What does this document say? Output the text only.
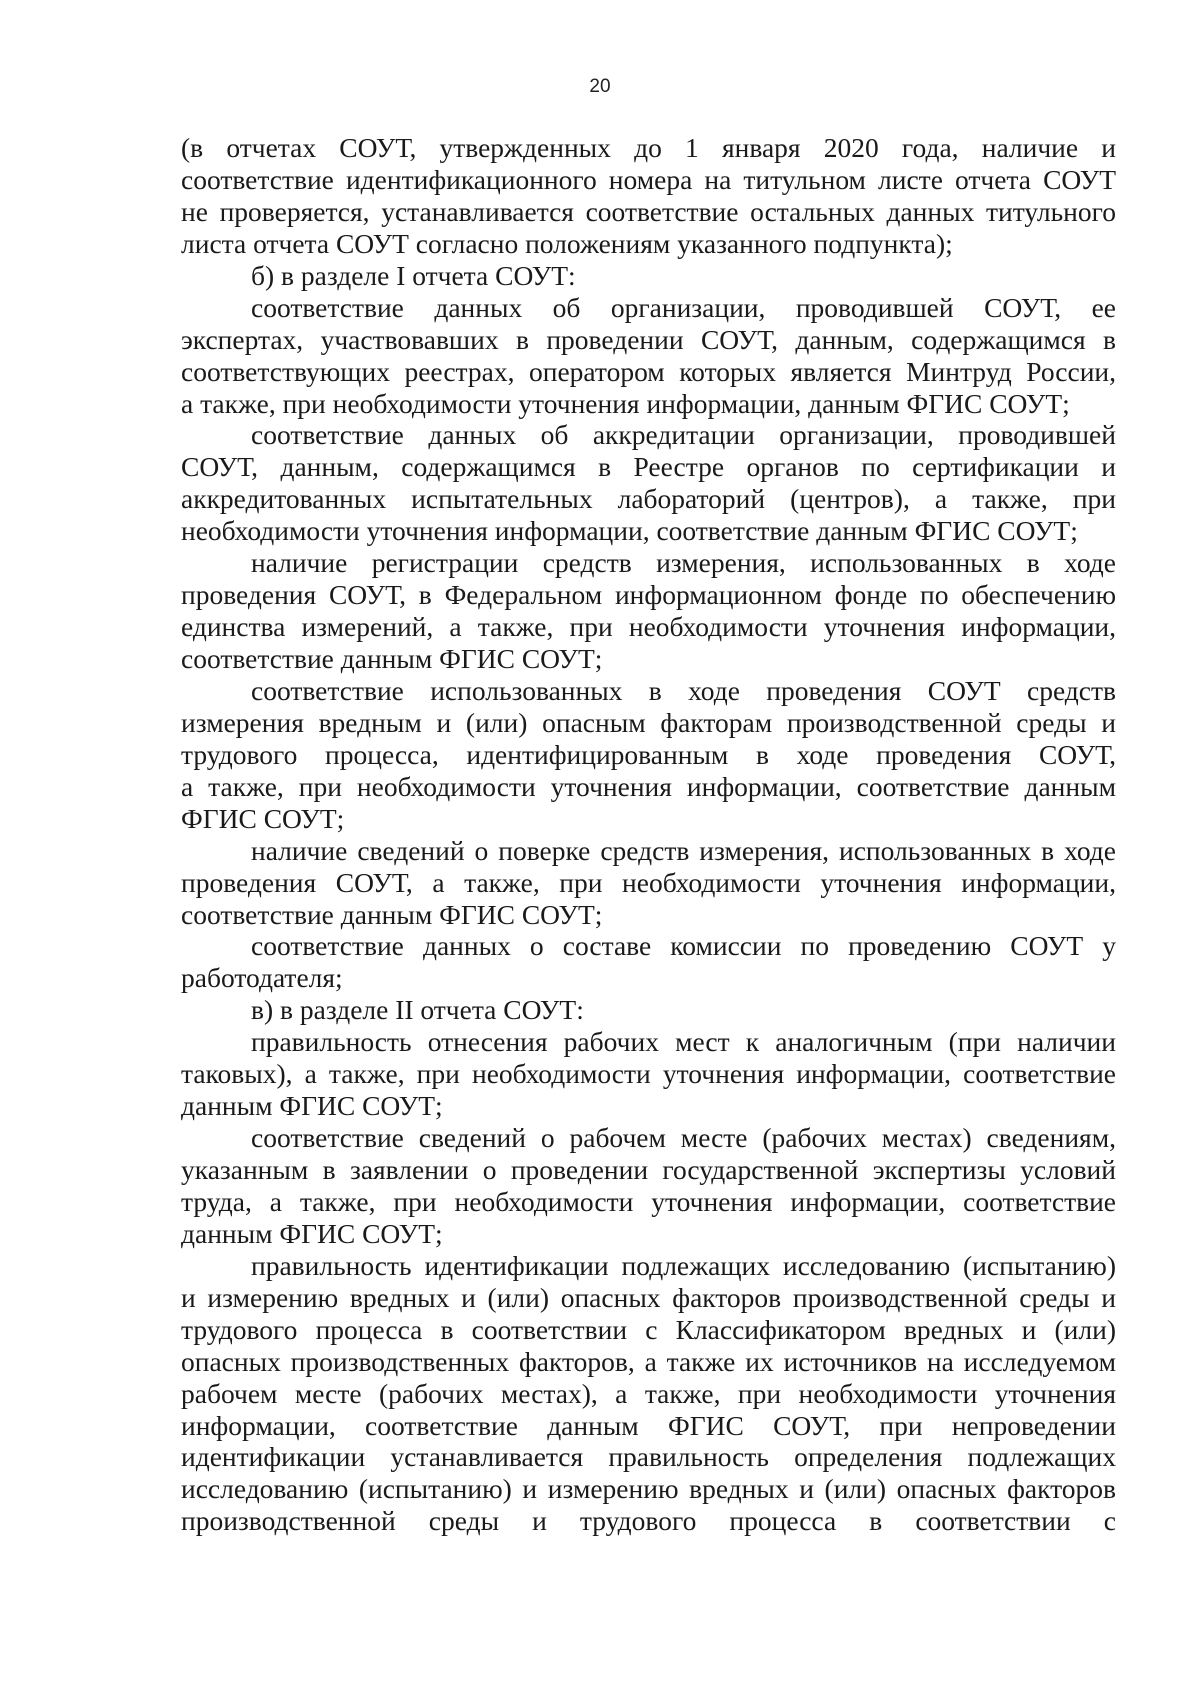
20
(в отчетах СОУТ, утвержденных до 1 января 2020 года, наличие и
соответствие идентификационного номера на титульном листе отчета СОУТ
не проверяется, устанавливается соответствие остальных данных титульного
листа отчета СОУТ согласно положениям указанного подпункта);
б) в разделе I отчета СОУТ:
соответствие данных об организации, проводившей СОУТ, ее
экспертах, участвовавших в проведении СОУТ, данным, содержащимся в
соответствующих реестрах, оператором которых является Минтруд России,
а также, при необходимости уточнения информации, данным ФГИС СОУТ;
соответствие данных об аккредитации организации, проводившей
СОУТ, данным, содержащимся в Реестре органов по сертификации и
аккредитованных испытательных лабораторий (центров), а также, при
необходимости уточнения информации, соответствие данным ФГИС СОУТ;
наличие регистрации средств измерения, использованных в ходе
проведения СОУТ, в Федеральном информационном фонде по обеспечению
единства измерений, а также, при необходимости уточнения информации,
соответствие данным ФГИС СОУТ;
соответствие использованных в ходе проведения СОУТ средств
измерения вредным и (или) опасным факторам производственной среды и
трудового процесса, идентифицированным в ходе проведения СОУТ,
а также, при необходимости уточнения информации, соответствие данным
ФГИС СОУТ;
наличие сведений о поверке средств измерения, использованных в ходе
проведения СОУТ, а также, при необходимости уточнения информации,
соответствие данным ФГИС СОУТ;
соответствие данных о составе комиссии по проведению СОУТ у
работодателя;
в) в разделе II отчета СОУТ:
правильность отнесения рабочих мест к аналогичным (при наличии
таковых), а также, при необходимости уточнения информации, соответствие
данным ФГИС СОУТ;
соответствие сведений о рабочем месте (рабочих местах) сведениям,
указанным в заявлении о проведении государственной экспертизы условий
труда, а также, при необходимости уточнения информации, соответствие
данным ФГИС СОУТ;
правильность идентификации подлежащих исследованию (испытанию)
и измерению вредных и (или) опасных факторов производственной среды и
трудового процесса в соответствии с Классификатором вредных и (или)
опасных производственных факторов, а также их источников на исследуемом
рабочем месте (рабочих местах), а также, при необходимости уточнения
информации, соответствие данным ФГИС СОУТ, при непроведении
идентификации устанавливается правильность определения подлежащих
исследованию (испытанию) и измерению вредных и (или) опасных факторов
производственной среды и трудового процесса в соответствии с
